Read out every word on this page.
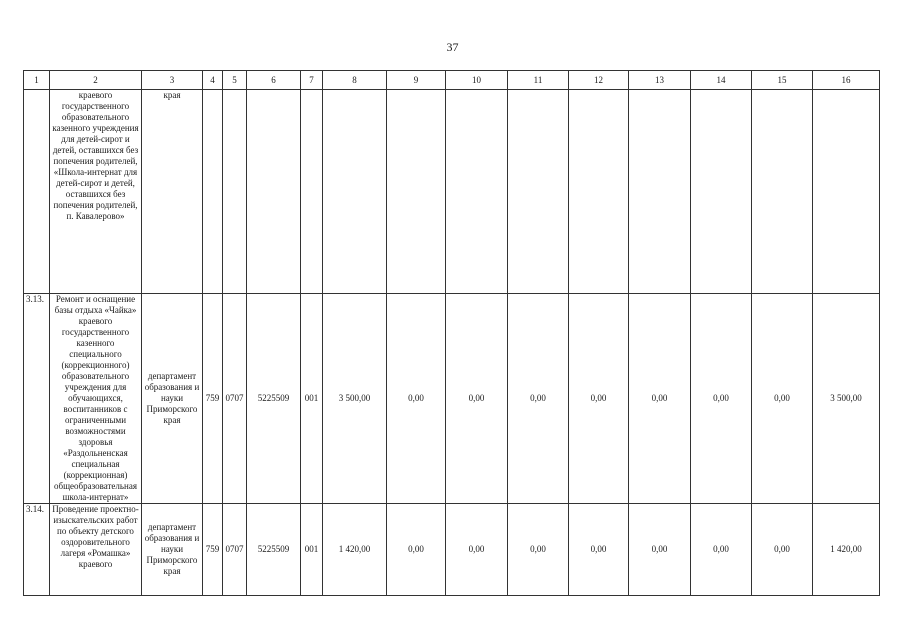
37
1	2	3	4	5	6	7	8	9	10	11	12	13	14	15	16
	краевого государственного образовательного казенного учреждения для детей-сирот и детей, оставшихся без попечения родителей, «Школа-интернат для детей-сирот и детей, оставшихся без попечения родителей, п. Кавалерово»	края													
3.13.	Ремонт и оснащение базы отдыха «Чайка» краевого государственного казенного специального (коррекционного) образовательного учреждения для обучающихся, воспитанников с ограниченными возможностями здоровья «Раздольненская специальная (коррекционная) общеобразовательная школа-интернат»	департамент образования и науки Приморского края	759	0707	5225509	001	3 500,00	0,00	0,00	0,00	0,00	0,00	0,00	0,00	3 500,00
3.14.	Проведение проектно-изыскательских работ по объекту детского оздоровительного лагеря «Ромашка» краевого	департамент образования и науки Приморского края	759	0707	5225509	001	1 420,00	0,00	0,00	0,00	0,00	0,00	0,00	0,00	1 420,00
